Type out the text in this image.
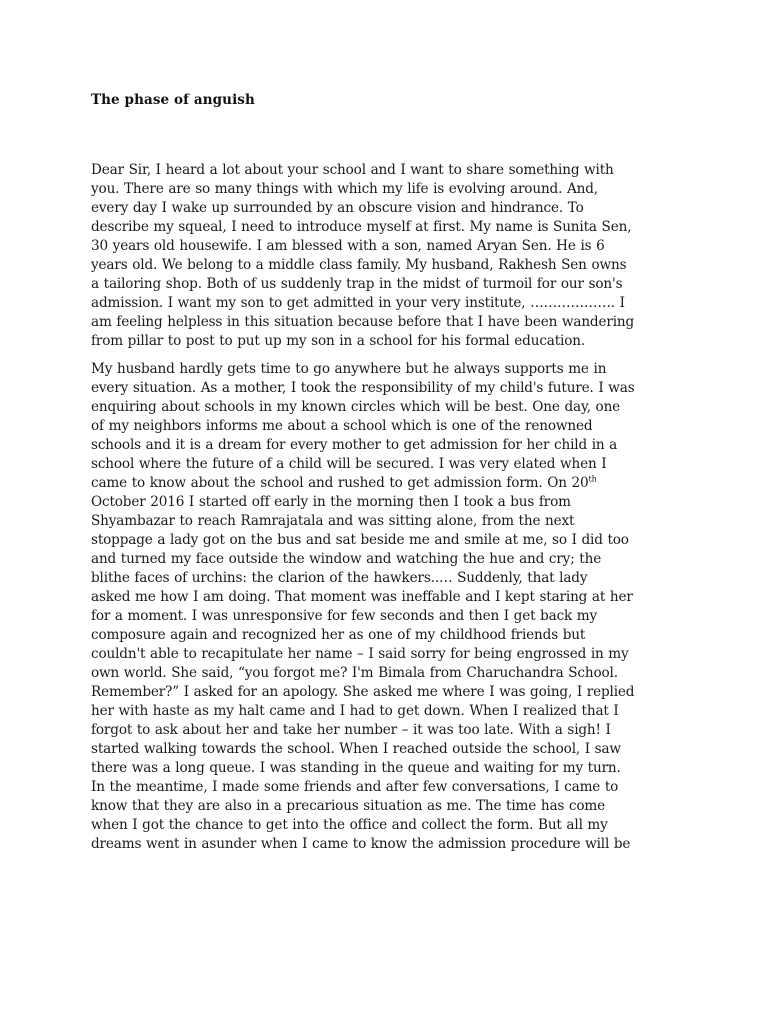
The phase of anguish
Dear Sir, I heard a lot about your school and I want to share something with
you. There are so many things with which my life is evolving around. And,
every day I wake up surrounded by an obscure vision and hindrance. To
describe my squeal, I need to introduce myself at first. My name is Sunita Sen,
30 years old housewife. I am blessed with a son, named Aryan Sen. He is 6
years old. We belong to a middle class family. My husband, Rakhesh Sen owns
a tailoring shop. Both of us suddenly trap in the midst of turmoil for our son's
admission. I want my son to get admitted in your very institute, ………………. I
am feeling helpless in this situation because before that I have been wandering
from pillar to post to put up my son in a school for his formal education.
My husband hardly gets time to go anywhere but he always supports me in
every situation. As a mother, I took the responsibility of my child's future. I was
enquiring about schools in my known circles which will be best. One day, one
of my neighbors informs me about a school which is one of the renowned
schools and it is a dream for every mother to get admission for her child in a
school where the future of a child will be secured. I was very elated when I
came to know about the school and rushed to get admission form. On 20th
October 2016 I started off early in the morning then I took a bus from
Shyambazar to reach Ramrajatala and was sitting alone, from the next
stoppage a lady got on the bus and sat beside me and smile at me, so I did too
and turned my face outside the window and watching the hue and cry; the
blithe faces of urchins: the clarion of the hawkers..… Suddenly, that lady
asked me how I am doing. That moment was ineffable and I kept staring at her
for a moment. I was unresponsive for few seconds and then I get back my
composure again and recognized her as one of my childhood friends but
couldn't able to recapitulate her name – I said sorry for being engrossed in my
own world. She said, “you forgot me? I'm Bimala from Charuchandra School.
Remember?” I asked for an apology. She asked me where I was going, I replied
her with haste as my halt came and I had to get down. When I realized that I
forgot to ask about her and take her number – it was too late. With a sigh! I
started walking towards the school. When I reached outside the school, I saw
there was a long queue. I was standing in the queue and waiting for my turn.
In the meantime, I made some friends and after few conversations, I came to
know that they are also in a precarious situation as me. The time has come
when I got the chance to get into the office and collect the form. But all my
dreams went in asunder when I came to know the admission procedure will be
